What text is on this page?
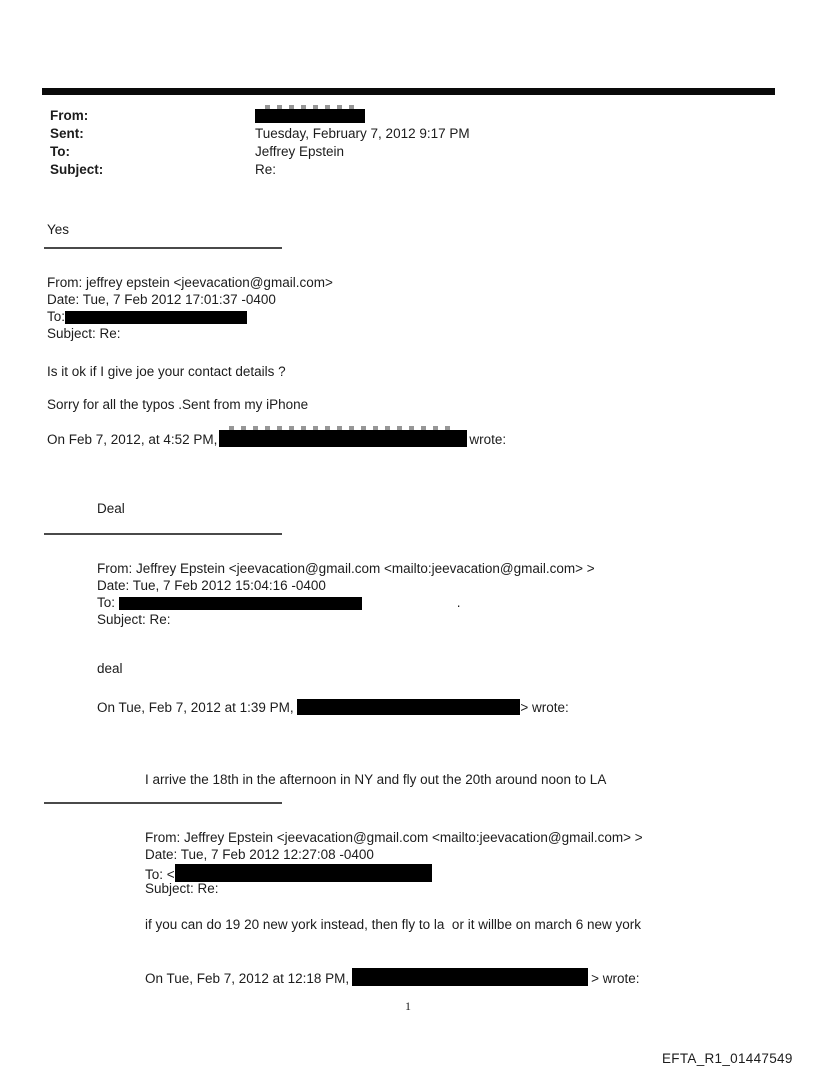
From:
Sent:	Tuesday, February 7, 2012 9:17 PM
To:	Jeffrey Epstein
Subject:	Re:
Yes
From: jeffrey epstein <jeevacation@gmail.com>
Date: Tue, 7 Feb 2012 17:01:37 -0400
To:
Subject: Re:
Is it ok if I give joe your contact details ?
Sorry for all the typos .Sent from my iPhone
On Feb 7, 2012, at 4:52 PM,	wrote:
Deal
From: Jeffrey Epstein <jeevacation@gmail.com <mailto:jeevacation@gmail.com> >
Date: Tue, 7 Feb 2012 15:04:16 -0400
To:	.
Subject: Re:
deal
On Tue, Feb 7, 2012 at 1:39 PM,	> wrote:
I arrive the 18th in the afternoon in NY and fly out the 20th around noon to LA
From: Jeffrey Epstein <jeevacation@gmail.com <mailto:jeevacation@gmail.com> >
Date: Tue, 7 Feb 2012 12:27:08 -0400
To: <
Subject: Re:
if you can do 19 20 new york instead, then fly to la  or it willbe on march 6 new york
On Tue, Feb 7, 2012 at 12:18 PM,	> wrote:
1
EFTA_R1_01447549
